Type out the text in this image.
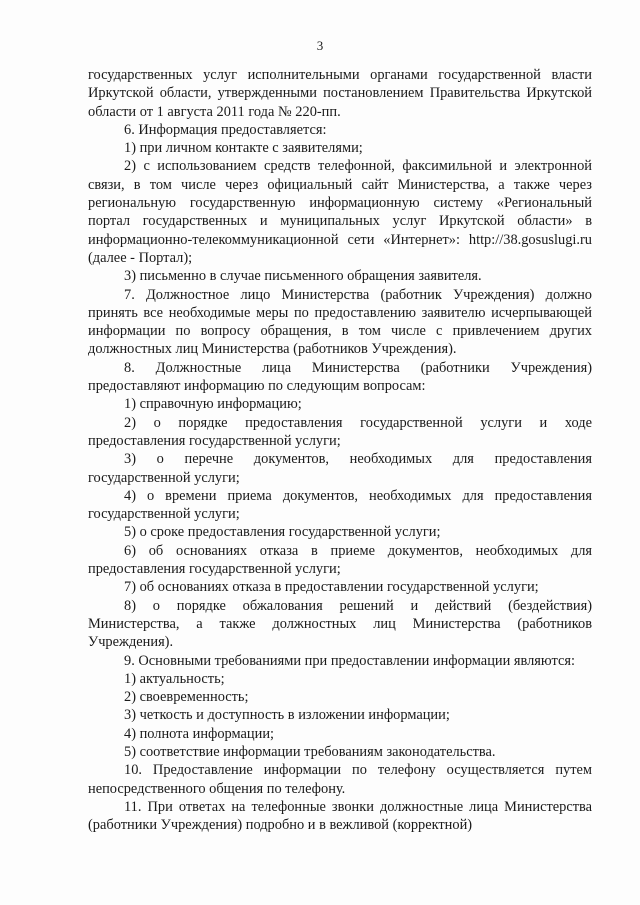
3

государственных услуг исполнительными органами государственной власти Иркутской области, утвержденными постановлением Правительства Иркутской области от 1 августа 2011 года № 220-пп.

6. Информация предоставляется:

1) при личном контакте с заявителями;

2) с использованием средств телефонной, факсимильной и электронной связи, в том числе через официальный сайт Министерства, а также через региональную государственную информационную систему «Региональный портал государственных и муниципальных услуг Иркутской области» в информационно-телекоммуникационной сети «Интернет»: http://38.gosuslugi.ru (далее - Портал);

3) письменно в случае письменного обращения заявителя.

7. Должностное лицо Министерства (работник Учреждения) должно принять все необходимые меры по предоставлению заявителю исчерпывающей информации по вопросу обращения, в том числе с привлечением других должностных лиц Министерства (работников Учреждения).

8. Должностные лица Министерства (работники Учреждения) предоставляют информацию по следующим вопросам:

1) справочную информацию;

2) о порядке предоставления государственной услуги и ходе предоставления государственной услуги;

3) о перечне документов, необходимых для предоставления государственной услуги;

4) о времени приема документов, необходимых для предоставления государственной услуги;

5) о сроке предоставления государственной услуги;

6) об основаниях отказа в приеме документов, необходимых для предоставления государственной услуги;

7) об основаниях отказа в предоставлении государственной услуги;

8) о порядке обжалования решений и действий (бездействия) Министерства, а также должностных лиц Министерства (работников Учреждения).

9. Основными требованиями при предоставлении информации являются:

1) актуальность;

2) своевременность;

3) четкость и доступность в изложении информации;

4) полнота информации;

5) соответствие информации требованиям законодательства.

10. Предоставление информации по телефону осуществляется путем непосредственного общения по телефону.

11. При ответах на телефонные звонки должностные лица Министерства (работники Учреждения) подробно и в вежливой (корректной)
